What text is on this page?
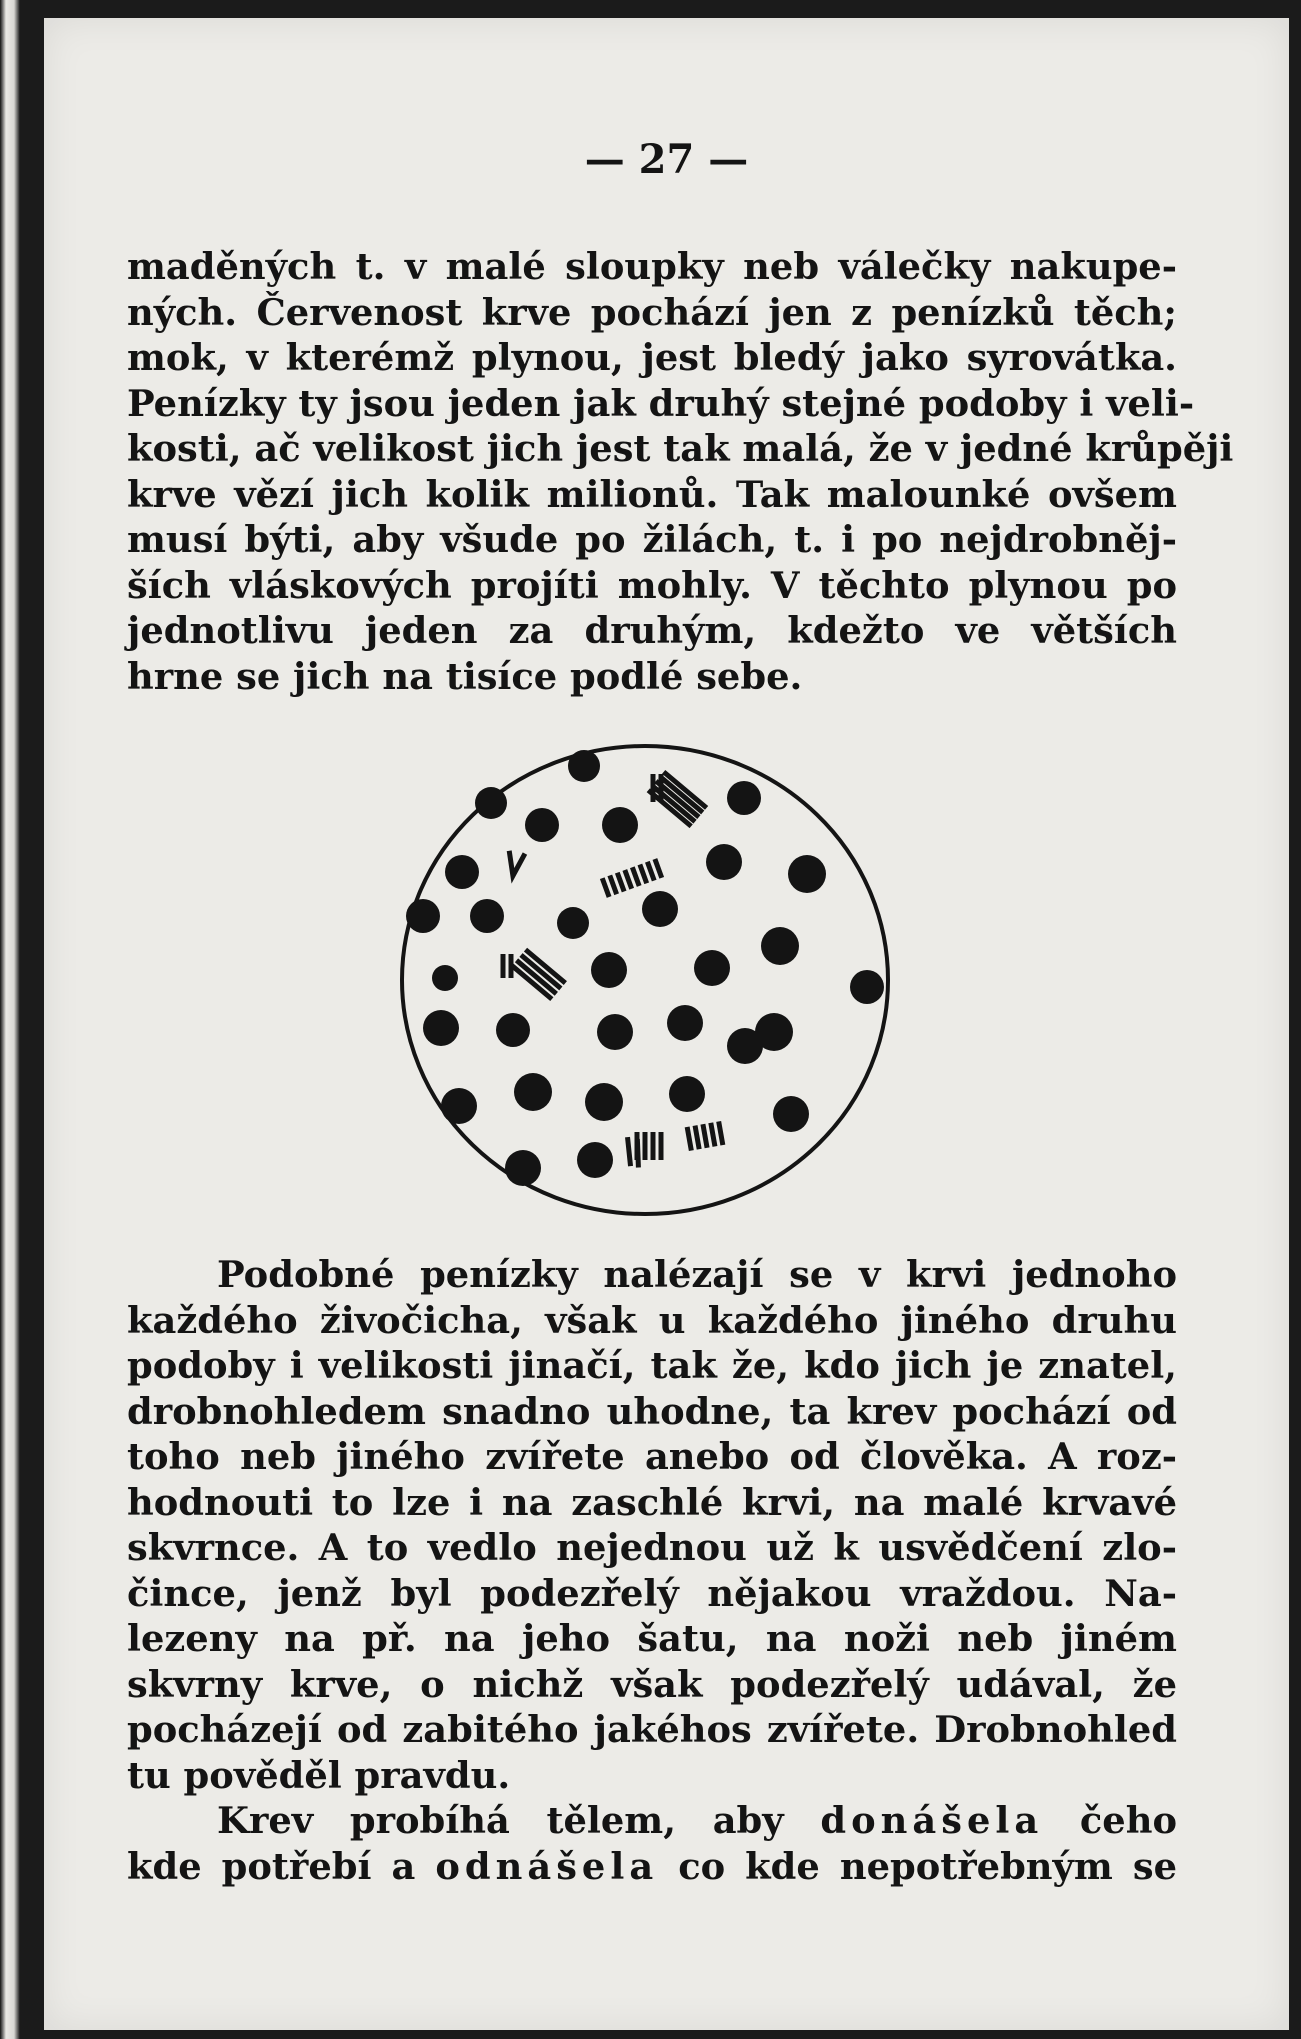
— 27 —
maděných t. v malé sloupky neb válečky nakupe-
ných. Červenost krve pochází jen z penízků těch;
mok, v kterémž plynou, jest bledý jako syrovátka.
Penízky ty jsou jeden jak druhý stejné podoby i veli-
kosti, ač velikost jich jest tak malá, že v jedné krůpěji
krve vězí jich kolik milionů. Tak malounké ovšem
musí býti, aby všude po žilách, t. i po nejdrobněj-
ších vláskových projíti mohly. V těchto plynou po
jednotlivu jeden za druhým, kdežto ve větších
hrne se jich na tisíce podlé sebe.
Podobné penízky nalézají se v krvi jednoho
každého živočicha, však u každého jiného druhu
podoby i velikosti jinačí, tak že, kdo jich je znatel,
drobnohledem snadno uhodne, ta krev pochází od
toho neb jiného zvířete anebo od člověka. A roz-
hodnouti to lze i na zaschlé krvi, na malé krvavé
skvrnce. A to vedlo nejednou už k usvědčení zlo-
čince, jenž byl podezřelý nějakou vraždou. Na-
lezeny na př. na jeho šatu, na noži neb jiném
skvrny krve, o nichž však podezřelý udával, že
pocházejí od zabitého jakéhos zvířete. Drobnohled
tu pověděl pravdu.
Krev probíhá tělem, aby donášela čeho
kde potřebí a odnášela co kde nepotřebným se
